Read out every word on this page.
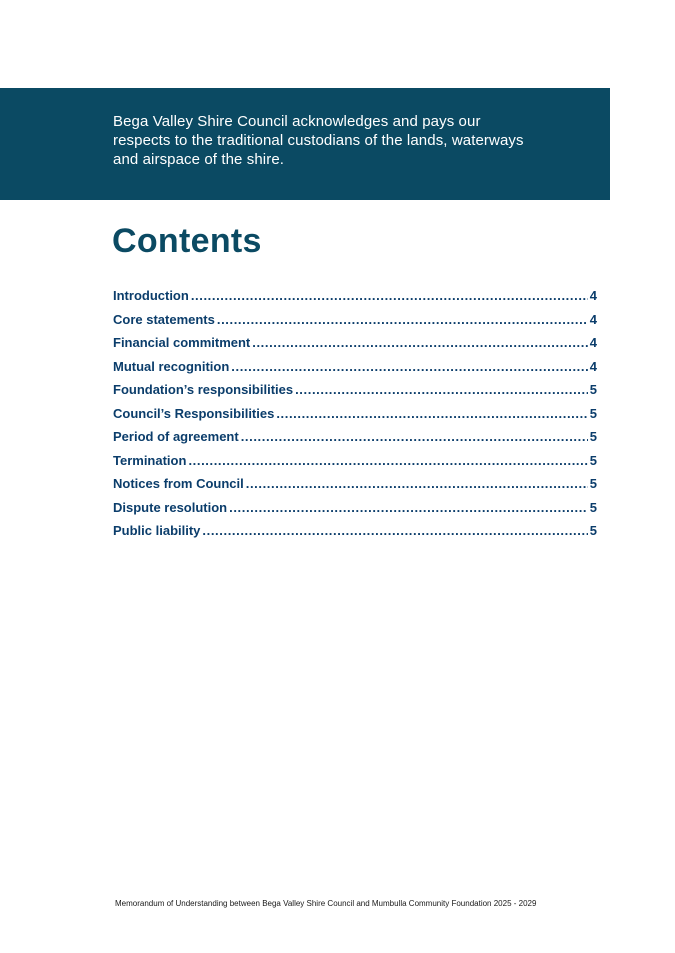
Bega Valley Shire Council acknowledges and pays our
respects to the traditional custodians of the lands, waterways
and airspace of the shire.
Contents
Introduction .....	4
Core statements .....	4
Financial commitment .....	4
Mutual recognition .....	4
Foundation’s responsibilities .....	5
Council’s Responsibilities .....	5
Period of agreement .....	5
Termination .....	5
Notices from Council .....	5
Dispute resolution .....	5
Public liability .....	5
Memorandum of Understanding between Bega Valley Shire Council and Mumbulla Community Foundation 2025 - 2029
